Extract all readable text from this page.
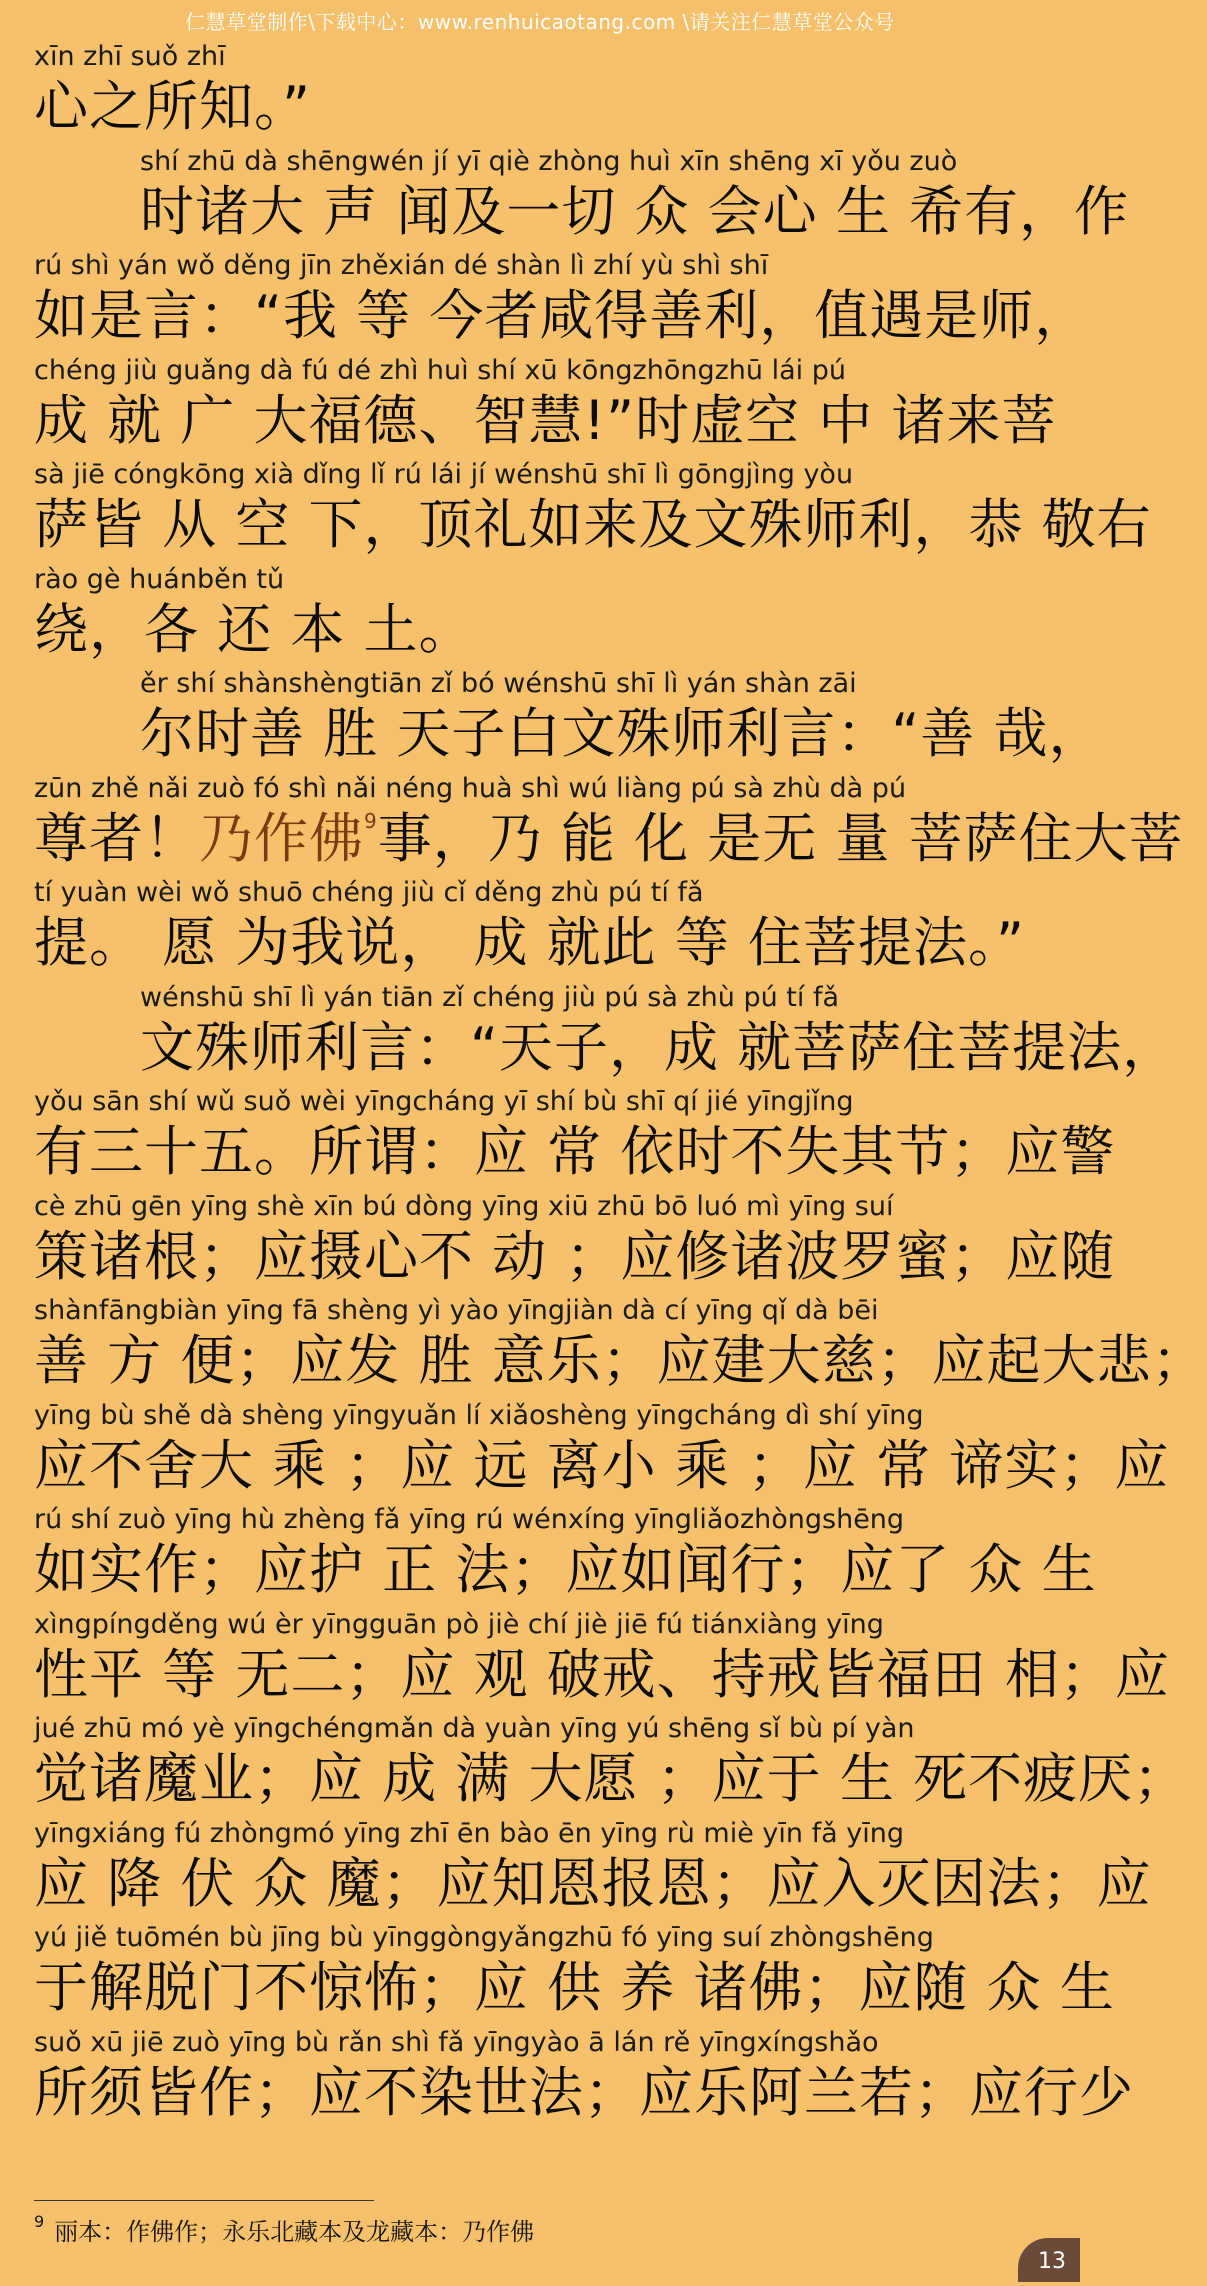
仁慧草堂制作\下载中心：www.renhuicaotang.com \请关注仁慧草堂公众号
xīn zhī suǒ zhī
心之所知。”
shí zhū dà shēngwén jí yī qiè zhòng huì xīn shēng xī yǒu zuò
时诸大 声 闻及一切 众 会心 生 希有，作
rú shì yán wǒ děng jīn zhěxián dé shàn lì zhí yù shì shī
如是言：“我 等 今者咸得善利，值遇是师，
chéng jiù guǎng dà fú dé zhì huì shí xū kōngzhōngzhū lái pú
成 就 广 大福德、智慧!”时虚空 中 诸来菩
sà jiē cóngkōng xià dǐng lǐ rú lái jí wénshū shī lì gōngjìng yòu
萨皆 从 空 下，顶礼如来及文殊师利，恭 敬右
rào gè huánběn tǔ
绕，各 还 本 土。
ěr shí shànshèngtiān zǐ bó wénshū shī lì yán shàn zāi
尔时善 胜 天子白文殊师利言：“善 哉，
zūn zhě nǎi zuò fó shì nǎi néng huà shì wú liàng pú sà zhù dà pú
尊者！乃作佛$^9$事，乃 能 化 是无 量 菩萨住大菩
tí yuàn wèi wǒ shuō chéng jiù cǐ děng zhù pú tí fǎ
提。 愿 为我说， 成 就此 等 住菩提法。”
wénshū shī lì yán tiān zǐ chéng jiù pú sà zhù pú tí fǎ
文殊师利言：“天子，成 就菩萨住菩提法，
yǒu sān shí wǔ suǒ wèi yīngcháng yī shí bù shī qí jié yīngjǐng
有三十五。所谓：应 常 依时不失其节；应警
cè zhū gēn yīng shè xīn bú dòng yīng xiū zhū bō luó mì yīng suí
策诸根；应摄心不 动 ；应修诸波罗蜜；应随
shànfāngbiàn yīng fā shèng yì yào yīngjiàn dà cí yīng qǐ dà bēi
善 方 便；应发 胜 意乐；应建大慈；应起大悲；
yīng bù shě dà shèng yīngyuǎn lí xiǎoshèng yīngcháng dì shí yīng
应不舍大 乘 ；应 远 离小 乘 ；应 常 谛实；应
rú shí zuò yīng hù zhèng fǎ yīng rú wénxíng yīngliǎozhòngshēng
如实作；应护 正 法；应如闻行；应了 众 生
xìngpíngděng wú èr yīngguān pò jiè chí jiè jiē fú tiánxiàng yīng
性平 等 无二；应 观 破戒、持戒皆福田 相；应
jué zhū mó yè yīngchéngmǎn dà yuàn yīng yú shēng sǐ bù pí yàn
觉诸魔业；应 成 满 大愿 ；应于 生 死不疲厌；
yīngxiáng fú zhòngmó yīng zhī ēn bào ēn yīng rù miè yīn fǎ yīng
应 降 伏 众 魔；应知恩报恩；应入灭因法；应
yú jiě tuōmén bù jīng bù yīnggòngyǎngzhū fó yīng suí zhòngshēng
于解脱门不惊怖；应 供 养 诸佛；应随 众 生
suǒ xū jiē zuò yīng bù rǎn shì fǎ yīngyào ā lán rě yīngxíngshǎo
所须皆作；应不染世法；应乐阿兰若；应行少
$^9$ 丽本：作佛作；永乐北藏本及龙藏本：乃作佛
13
